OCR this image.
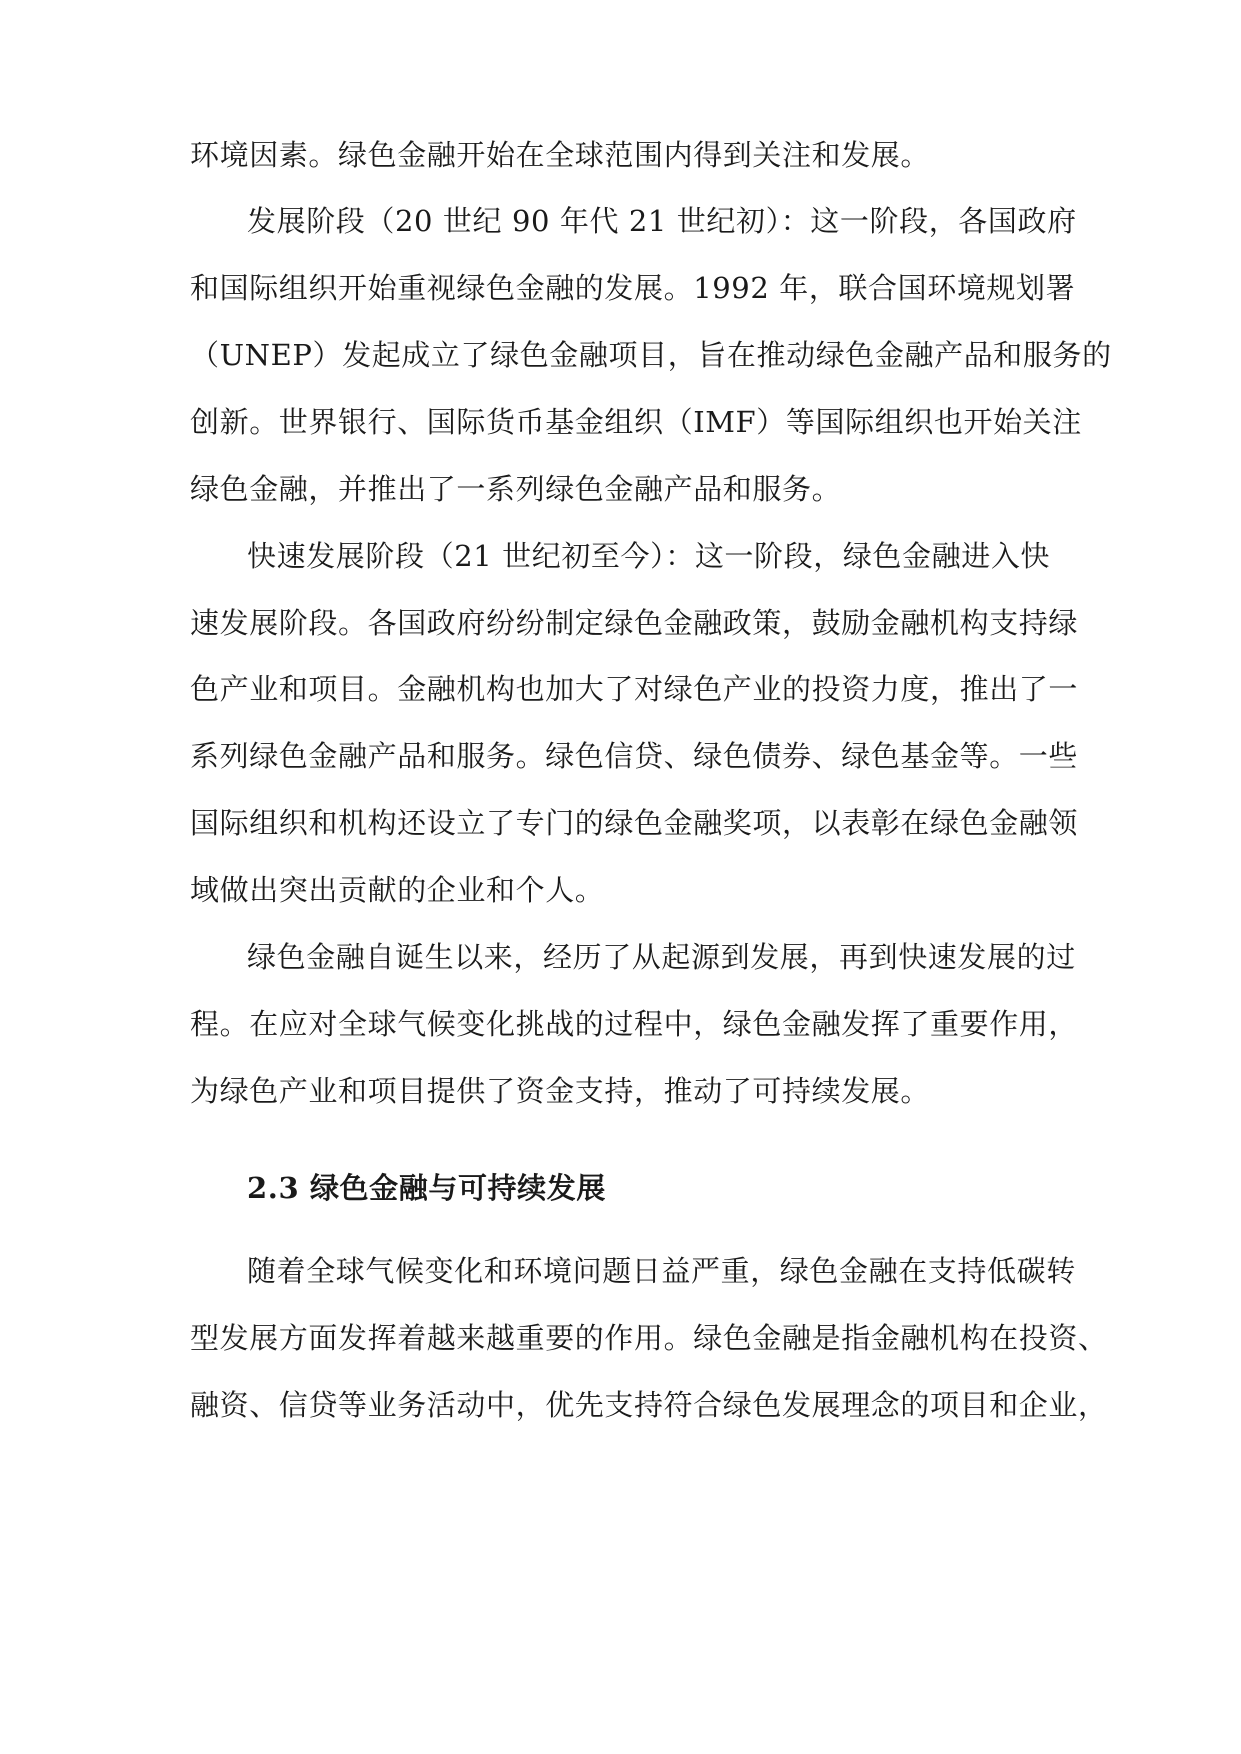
环境因素。绿色金融开始在全球范围内得到关注和发展。
发展阶段（20 世纪 90 年代 21 世纪初）：这一阶段，各国政府
和国际组织开始重视绿色金融的发展。1992 年，联合国环境规划署
（UNEP）发起成立了绿色金融项目，旨在推动绿色金融产品和服务的
创新。世界银行、国际货币基金组织（IMF）等国际组织也开始关注
绿色金融，并推出了一系列绿色金融产品和服务。
快速发展阶段（21 世纪初至今）：这一阶段，绿色金融进入快
速发展阶段。各国政府纷纷制定绿色金融政策，鼓励金融机构支持绿
色产业和项目。金融机构也加大了对绿色产业的投资力度，推出了一
系列绿色金融产品和服务。绿色信贷、绿色债券、绿色基金等。一些
国际组织和机构还设立了专门的绿色金融奖项，以表彰在绿色金融领
域做出突出贡献的企业和个人。
绿色金融自诞生以来，经历了从起源到发展，再到快速发展的过
程。在应对全球气候变化挑战的过程中，绿色金融发挥了重要作用，
为绿色产业和项目提供了资金支持，推动了可持续发展。
2.3 绿色金融与可持续发展
随着全球气候变化和环境问题日益严重，绿色金融在支持低碳转
型发展方面发挥着越来越重要的作用。绿色金融是指金融机构在投资、
融资、信贷等业务活动中，优先支持符合绿色发展理念的项目和企业，
